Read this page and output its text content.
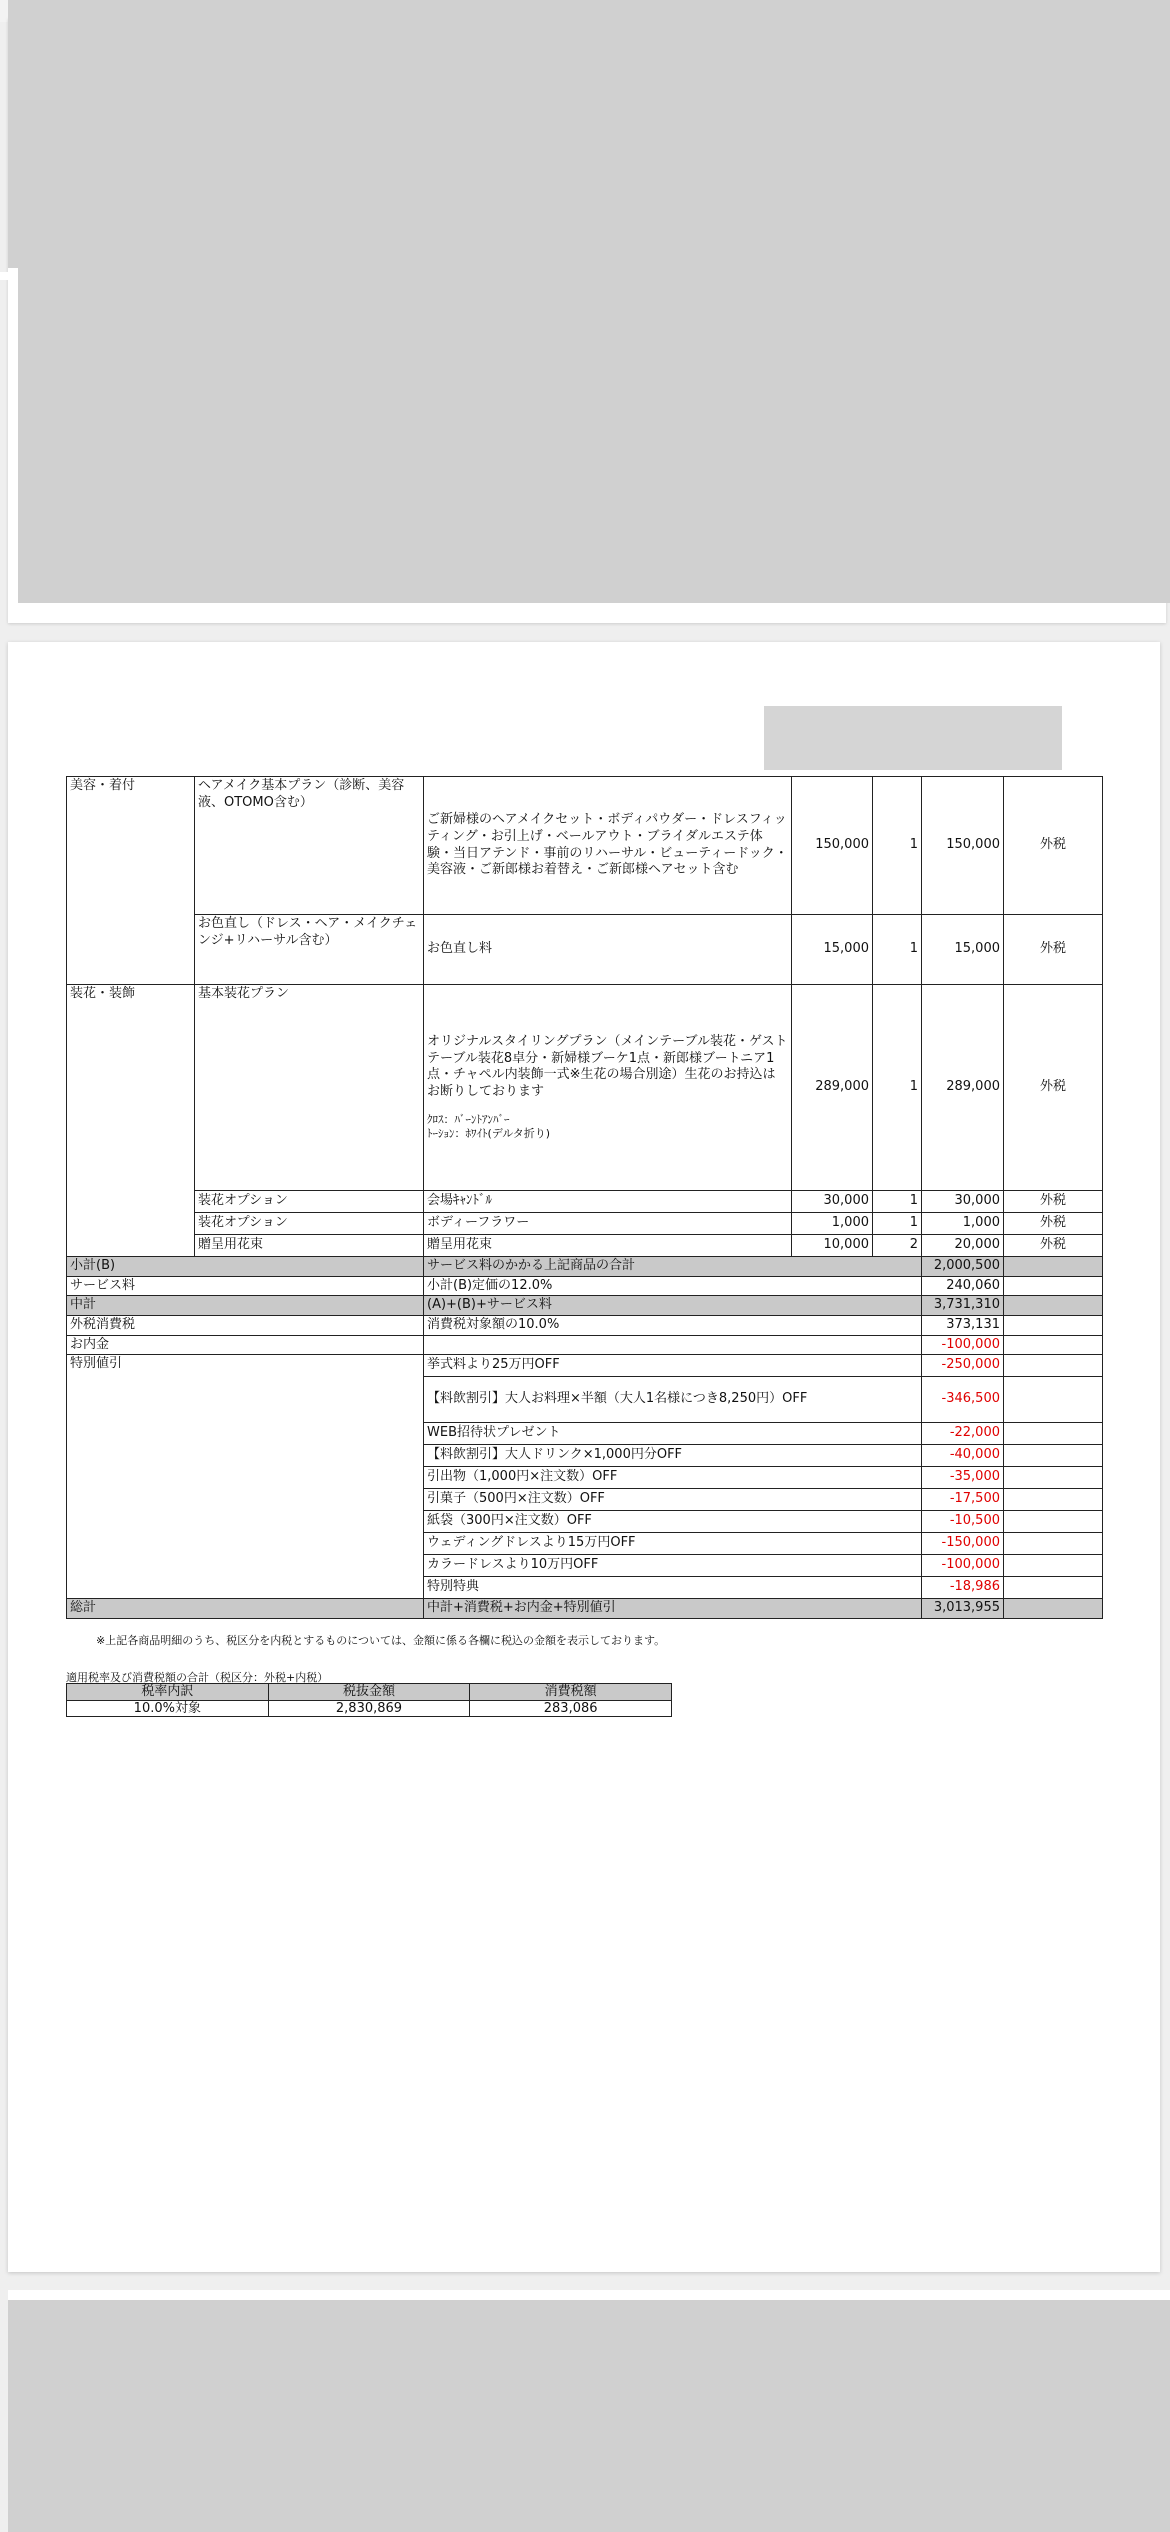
美容・着付	ヘアメイク基本プラン（診断、美容液、OTOMO含む）	ご新婦様のヘアメイクセット・ボディパウダー・ドレスフィッティング・お引上げ・ベールアウト・ブライダルエステ体験・当日アテンド・事前のリハーサル・ビューティードック・美容液・ご新郎様お着替え・ご新郎様ヘアセット含む	150,000	1	150,000	外税
	お色直し（ドレス・ヘア・メイクチェンジ+リハーサル含む）	お色直し料	15,000	1	15,000	外税
装花・装飾	基本装花プラン	オリジナルスタイリングプラン（メインテーブル装花・ゲストテーブル装花8卓分・新婦様ブーケ1点・新郎様ブートニア1点・チャペル内装飾一式※生花の場合別途）生花のお持込はお断りしております
ｸﾛｽ：ﾊﾞｰﾝﾄｱﾝﾊﾞｰ
ﾄｰｼｮﾝ：ﾎﾜｲﾄ(デルタ折り)	289,000	1	289,000	外税
	装花オプション	会場ｷｬﾝﾄﾞﾙ	30,000	1	30,000	外税
	装花オプション	ボディーフラワー	1,000	1	1,000	外税
	贈呈用花束	贈呈用花束	10,000	2	20,000	外税
小計(B)		サービス料のかかる上記商品の合計			2,000,500	
サービス料		小計(B)定価の12.0%			240,060	
中計		(A)+(B)+サービス料			3,731,310	
外税消費税		消費税対象額の10.0%			373,131	
お内金					-100,000	
特別値引		挙式料より25万円OFF			-250,000	
		【料飲割引】大人お料理×半額（大人1名様につき8,250円）OFF			-346,500	
		WEB招待状プレゼント			-22,000	
		【料飲割引】大人ドリンク×1,000円分OFF			-40,000	
		引出物（1,000円×注文数）OFF			-35,000	
		引菓子（500円×注文数）OFF			-17,500	
		紙袋（300円×注文数）OFF			-10,500	
		ウェディングドレスより15万円OFF			-150,000	
		カラードレスより10万円OFF			-100,000	
		特別特典			-18,986	
総計		中計+消費税+お内金+特別値引			3,013,955	
※上記各商品明細のうち、税区分を内税とするものについては、金額に係る各欄に税込の金額を表示しております。
適用税率及び消費税額の合計（税区分：外税+内税）
税率内訳	税抜金額	消費税額
10.0%対象	2,830,869	283,086
